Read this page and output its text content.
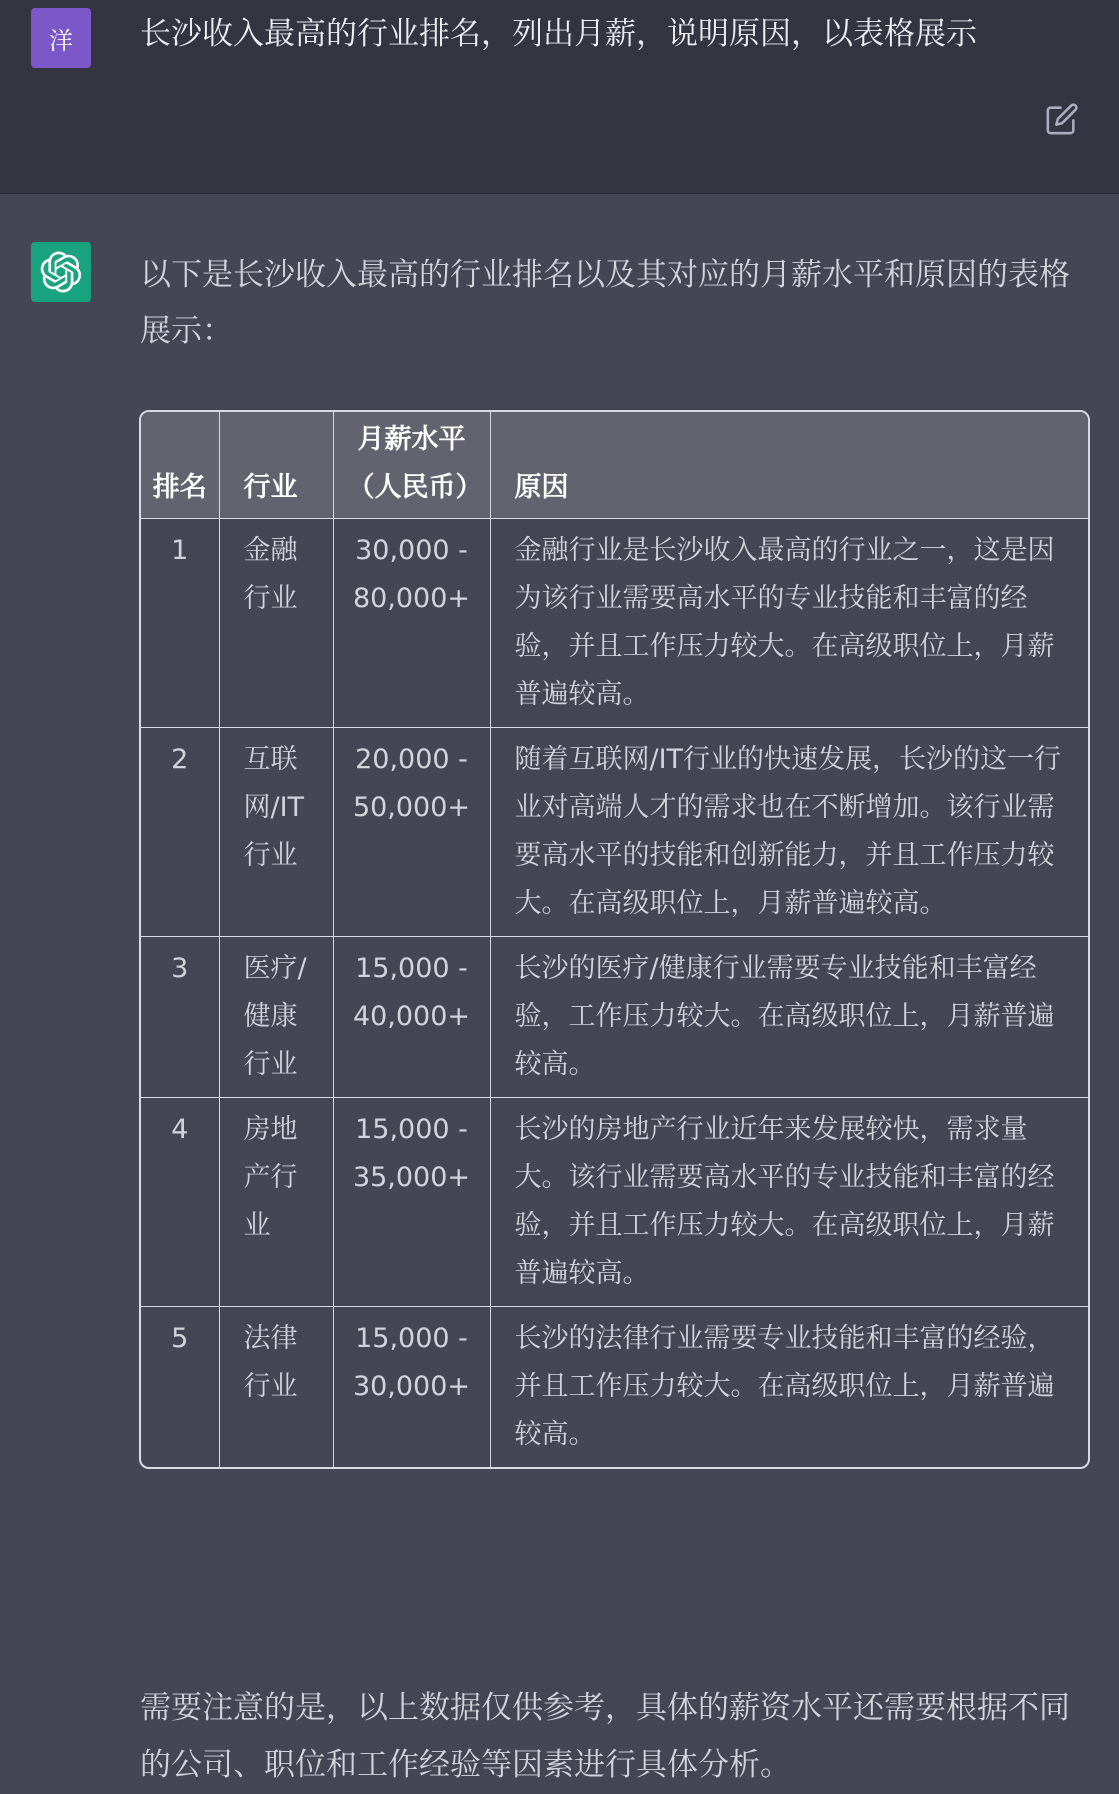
洋	长沙收入最高的行业排名，列出月薪，说明原因，以表格展示
以下是长沙收入最高的行业排名以及其对应的月薪水平和原因的表格展示：
排名	行业	月薪水平（人民币）	原因
1	金融行业	30,000 - 80,000+	金融行业是长沙收入最高的行业之一，这是因为该行业需要高水平的专业技能和丰富的经验，并且工作压力较大。在高级职位上，月薪普遍较高。
2	互联网/IT行业	20,000 - 50,000+	随着互联网/IT行业的快速发展，长沙的这一行业对高端人才的需求也在不断增加。该行业需要高水平的技能和创新能力，并且工作压力较大。在高级职位上，月薪普遍较高。
3	医疗/健康行业	15,000 - 40,000+	长沙的医疗/健康行业需要专业技能和丰富经验，工作压力较大。在高级职位上，月薪普遍较高。
4	房地产行业	15,000 - 35,000+	长沙的房地产行业近年来发展较快，需求量大。该行业需要高水平的专业技能和丰富的经验，并且工作压力较大。在高级职位上，月薪普遍较高。
5	法律行业	15,000 - 30,000+	长沙的法律行业需要专业技能和丰富的经验，并且工作压力较大。在高级职位上，月薪普遍较高。
需要注意的是，以上数据仅供参考，具体的薪资水平还需要根据不同的公司、职位和工作经验等因素进行具体分析。
